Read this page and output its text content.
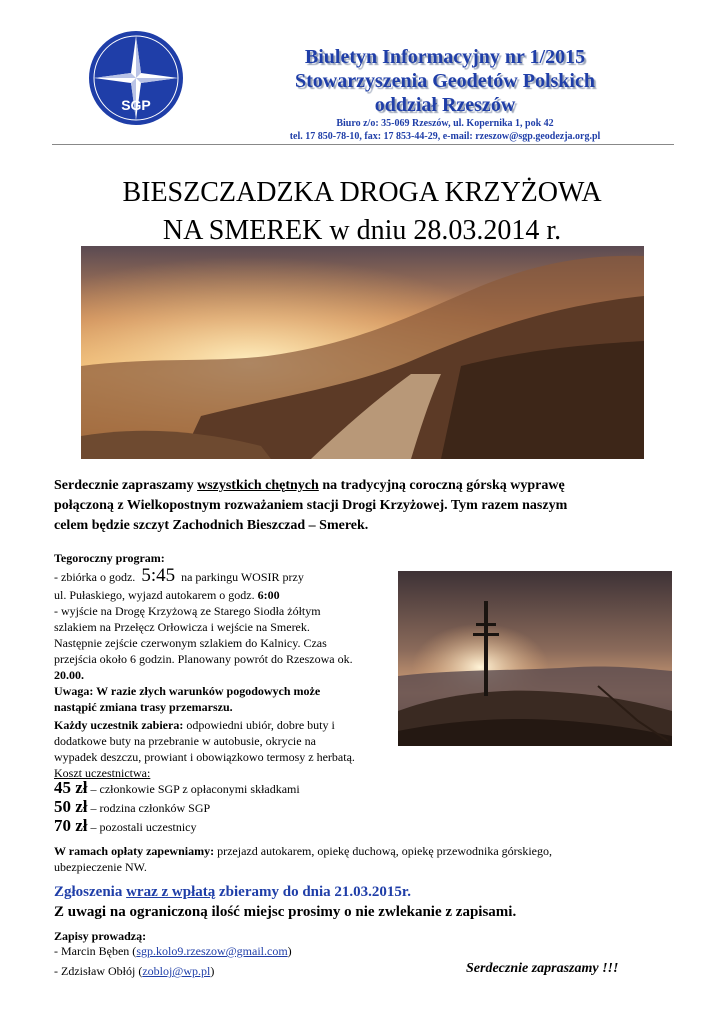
SGP
Biuletyn Informacyjny nr 1/2015
Stowarzyszenia Geodetów Polskich
oddział Rzeszów
Biuro z/o: 35-069 Rzeszów, ul. Kopernika 1, pok 42
tel. 17 850-78-10, fax: 17 853-44-29, e-mail: rzeszow@sgp.geodezja.org.pl
BIESZCZADZKA DROGA KRZYŻOWA
NA SMEREK w dniu 28.03.2014 r.
Serdecznie zapraszamy wszystkich chętnych na tradycyjną coroczną górską wyprawę
połączoną z Wielkopostnym rozważaniem stacji Drogi Krzyżowej. Tym razem naszym
celem będzie szczyt Zachodnich Bieszczad – Smerek.
Tegoroczny program:
- zbiórka o godz. 5:45 na parkingu WOSIR przy
ul. Pułaskiego, wyjazd autokarem o godz. 6:00
- wyjście na Drogę Krzyżową ze Starego Siodła żółtym
szlakiem na Przełęcz Orłowicza i wejście na Smerek.
Następnie zejście czerwonym szlakiem do Kalnicy. Czas
przejścia około 6 godzin. Planowany powrót do Rzeszowa ok.
20.00.
Uwaga: W razie złych warunków pogodowych może
nastąpić zmiana trasy przemarszu.
Każdy uczestnik zabiera: odpowiedni ubiór, dobre buty i
dodatkowe buty na przebranie w autobusie, okrycie na
wypadek deszczu, prowiant i obowiązkowo termosy z herbatą.
Koszt uczestnictwa:
45 zł – członkowie SGP z opłaconymi składkami
50 zł – rodzina członków SGP
70 zł – pozostali uczestnicy
W ramach opłaty zapewniamy: przejazd autokarem, opiekę duchową, opiekę przewodnika górskiego,
ubezpieczenie NW.
Zgłoszenia wraz z wpłatą zbieramy do dnia 21.03.2015r.
Z uwagi na ograniczoną ilość miejsc prosimy o nie zwlekanie z zapisami.
Zapisy prowadzą:
- Marcin Bęben (sgp.kolo9.rzeszow@gmail.com)
- Zdzisław Obłój (zobloj@wp.pl)	Serdecznie zapraszamy !!!
